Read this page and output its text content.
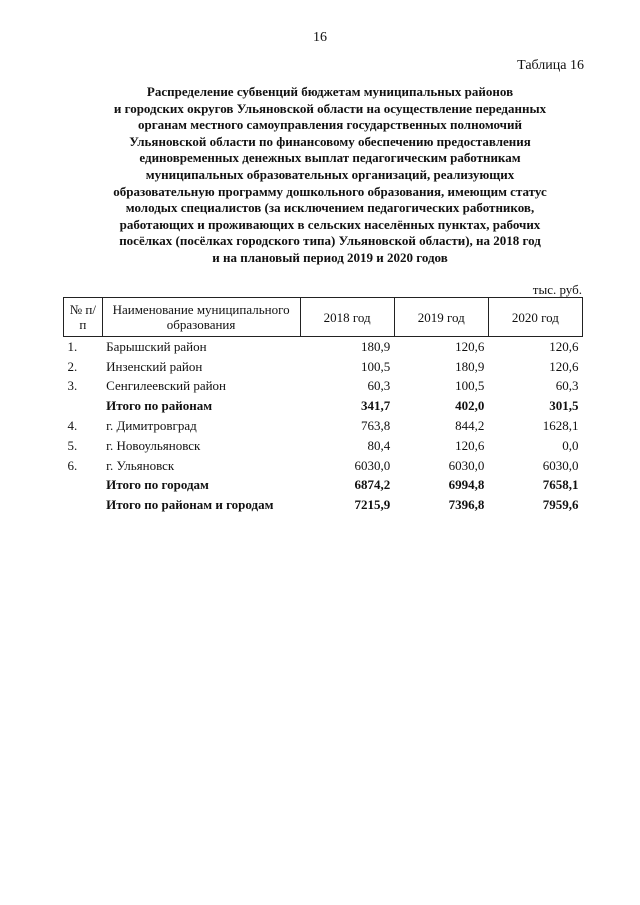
16
Таблица 16
Распределение субвенций бюджетам муниципальных районов
и городских округов Ульяновской области на осуществление переданных
органам местного самоуправления государственных полномочий
Ульяновской области по финансовому обеспечению предоставления
единовременных денежных выплат педагогическим работникам
муниципальных образовательных организаций, реализующих
образовательную программу дошкольного образования, имеющим статус
молодых специалистов (за исключением педагогических работников,
работающих и проживающих в сельских населённых пунктах, рабочих
посёлках (посёлках городского типа) Ульяновской области), на 2018 год
и на плановый период 2019 и 2020 годов
тыс. руб.
№ п/п	Наименование муниципального образования	2018 год	2019 год	2020 год
1.	Барышский район	180,9	120,6	120,6
2.	Инзенский район	100,5	180,9	120,6
3.	Сенгилеевский район	60,3	100,5	60,3
	Итого по районам	341,7	402,0	301,5
4.	г. Димитровград	763,8	844,2	1628,1
5.	г. Новоульяновск	80,4	120,6	0,0
6.	г. Ульяновск	6030,0	6030,0	6030,0
	Итого по городам	6874,2	6994,8	7658,1
	Итого по районам и городам	7215,9	7396,8	7959,6
